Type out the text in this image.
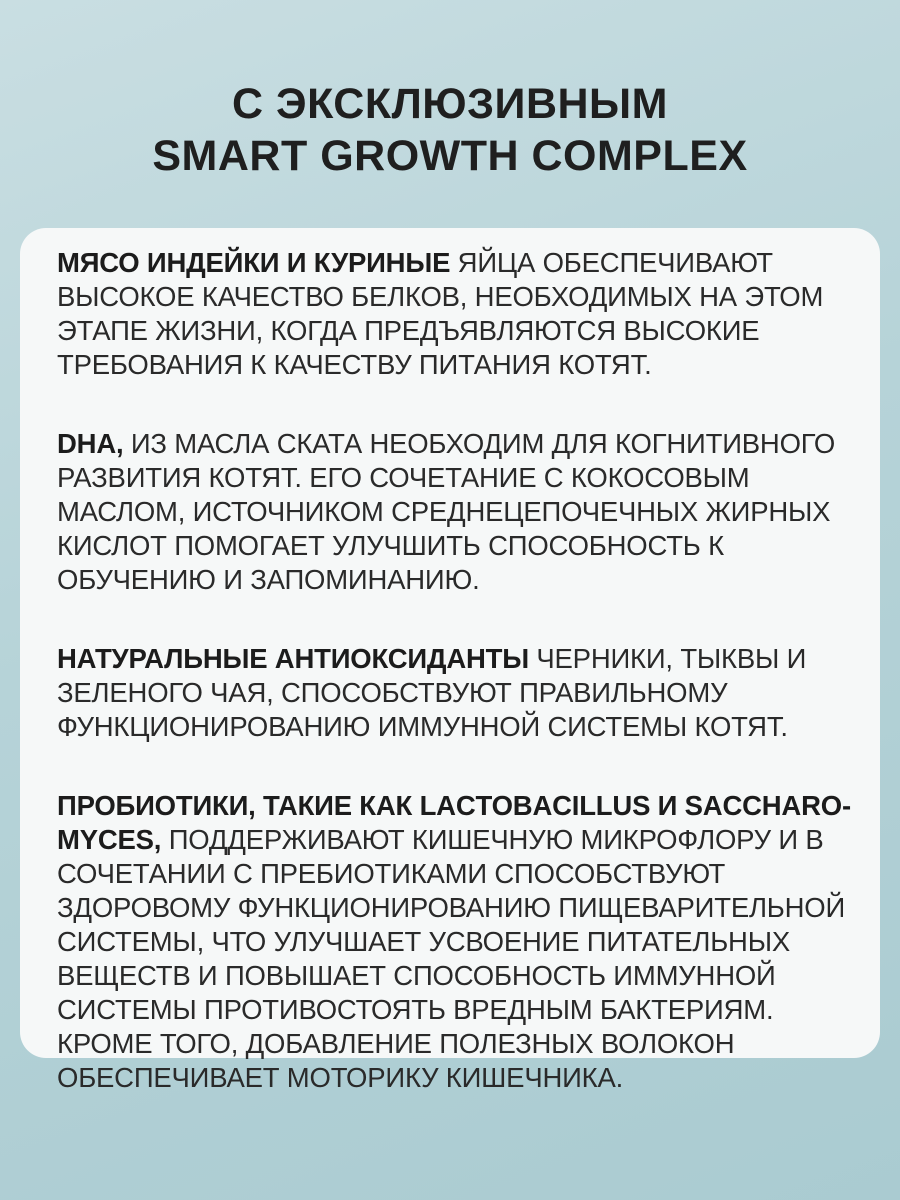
С ЭКСКЛЮЗИВНЫМ
SMART GROWTH COMPLEX

МЯСО ИНДЕЙКИ И КУРИНЫЕ ЯЙЦА ОБЕСПЕЧИВАЮТ ВЫСОКОЕ КАЧЕСТВО БЕЛКОВ, НЕОБХОДИМЫХ НА ЭТОМ ЭТАПЕ ЖИЗНИ, КОГДА ПРЕДЪЯВЛЯЮТСЯ ВЫСОКИЕ ТРЕБОВАНИЯ К КАЧЕСТВУ ПИТАНИЯ КОТЯТ.

DHA, ИЗ МАСЛА СКАТА НЕОБХОДИМ ДЛЯ КОГНИТИВНОГО РАЗВИТИЯ КОТЯТ. ЕГО СОЧЕТАНИЕ С КОКОСОВЫМ МАСЛОМ, ИСТОЧНИКОМ СРЕДНЕЦЕПОЧЕЧНЫХ ЖИРНЫХ КИСЛОТ ПОМОГАЕТ УЛУЧШИТЬ СПОСОБНОСТЬ К ОБУЧЕНИЮ И ЗАПОМИНАНИЮ.

НАТУРАЛЬНЫЕ АНТИОКСИДАНТЫ ЧЕРНИКИ, ТЫКВЫ И ЗЕЛЕНОГО ЧАЯ, СПОСОБСТВУЮТ ПРАВИЛЬНОМУ ФУНКЦИОНИРОВАНИЮ ИММУННОЙ СИСТЕМЫ КОТЯТ.

ПРОБИОТИКИ, ТАКИЕ КАК LACTOBACILLUS И SACCHARO-MYCES, ПОДДЕРЖИВАЮТ КИШЕЧНУЮ МИКРОФЛОРУ И В СОЧЕТАНИИ С ПРЕБИОТИКАМИ СПОСОБСТВУЮТ ЗДОРОВОМУ ФУНКЦИОНИРОВАНИЮ ПИЩЕВАРИТЕЛЬНОЙ СИСТЕМЫ, ЧТО УЛУЧШАЕТ УСВОЕНИЕ ПИТАТЕЛЬНЫХ ВЕЩЕСТВ И ПОВЫШАЕТ СПОСОБНОСТЬ ИММУННОЙ СИСТЕМЫ ПРОТИВОСТОЯТЬ ВРЕДНЫМ БАКТЕРИЯМ. КРОМЕ ТОГО, ДОБАВЛЕНИЕ ПОЛЕЗНЫХ ВОЛОКОН ОБЕСПЕЧИВАЕТ МОТОРИКУ КИШЕЧНИКА.
